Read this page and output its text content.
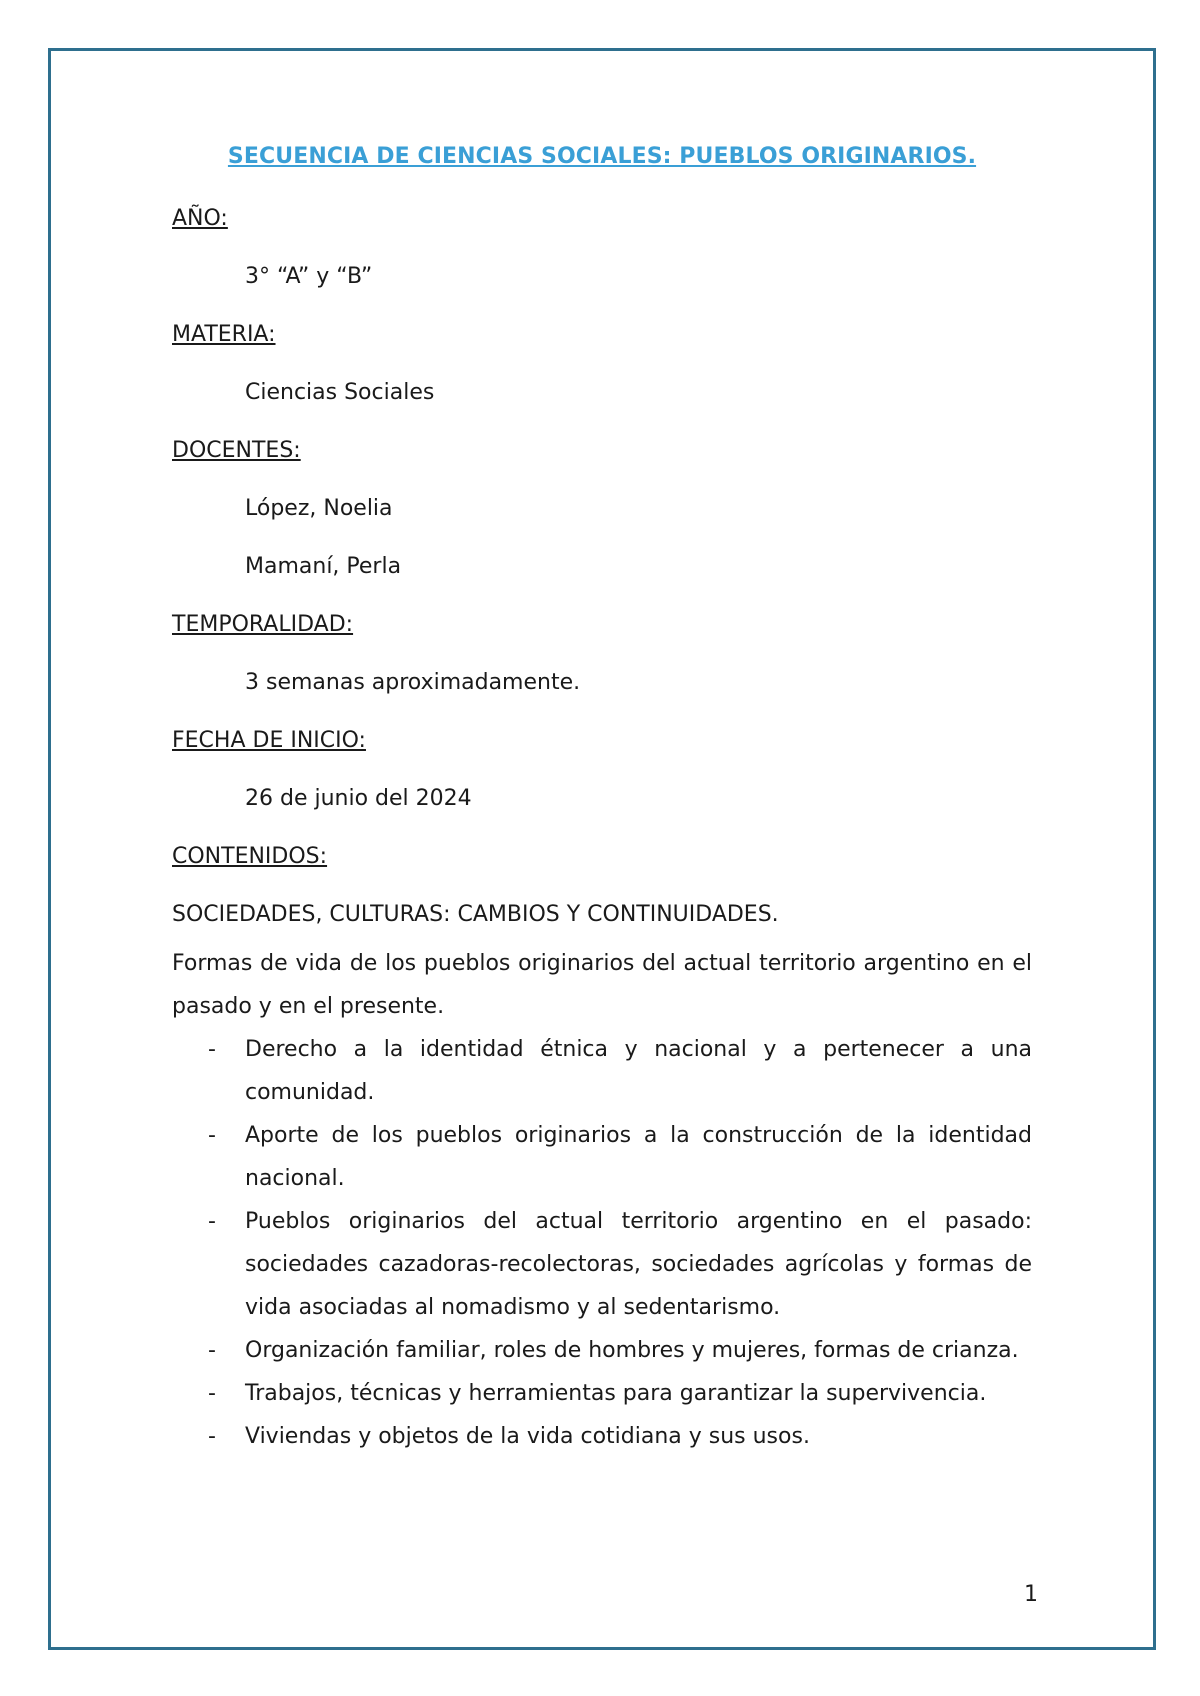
SECUENCIA DE CIENCIAS SOCIALES: PUEBLOS ORIGINARIOS.
AÑO:
3° “A” y “B”
MATERIA:
Ciencias Sociales
DOCENTES:
López, Noelia
Mamaní, Perla
TEMPORALIDAD:
3 semanas aproximadamente.
FECHA DE INICIO:
26 de junio del 2024
CONTENIDOS:
SOCIEDADES, CULTURAS: CAMBIOS Y CONTINUIDADES.
Formas de vida de los pueblos originarios del actual territorio argentino en el pasado y en el presente.
- Derecho a la identidad étnica y nacional y a pertenecer a una comunidad.
- Aporte de los pueblos originarios a la construcción de la identidad nacional.
- Pueblos originarios del actual territorio argentino en el pasado: sociedades cazadoras-recolectoras, sociedades agrícolas y formas de vida asociadas al nomadismo y al sedentarismo.
- Organización familiar, roles de hombres y mujeres, formas de crianza.
- Trabajos, técnicas y herramientas para garantizar la supervivencia.
- Viviendas y objetos de la vida cotidiana y sus usos.
1
